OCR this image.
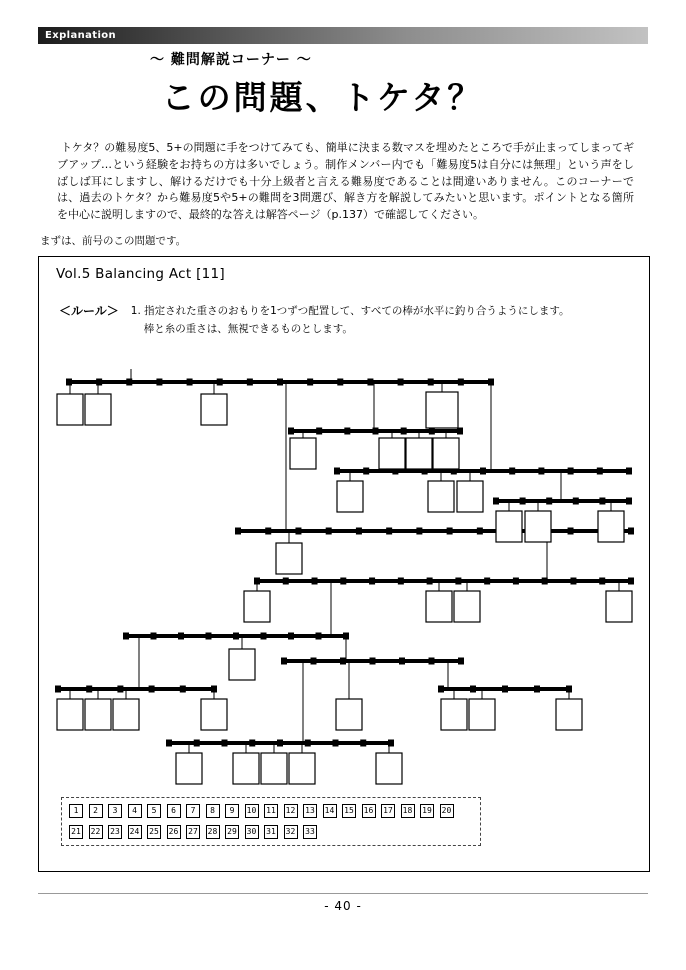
Explanation
〜 難問解説コーナー 〜
この問題、トケタ？
トケタ？の難易度5、5+の問題に手をつけてみても、簡単に決まる数マスを埋めたところで手が止まってしまってギブアップ…という経験をお持ちの方は多いでしょう。制作メンバー内でも「難易度5は自分には無理」という声をしばしば耳にしますし、解けるだけでも十分上級者と言える難易度であることは間違いありません。このコーナーでは、過去のトケタ？から難易度5や5+の難問を3問選び、解き方を解説してみたいと思います。ポイントとなる箇所を中心に説明しますので、最終的な答えは解答ページ（p.137）で確認してください。
まずは、前号のこの問題です。
Vol.5 Balancing Act [11]
＜ルール＞ 1. 指定された重さのおもりを1つずつ配置して、すべての棒が水平に釣り合うようにします。
棒と糸の重さは、無視できるものとします。
1	2	3	4	5	6	7	8	9	10 11 12 13 14 15 16 17 18 19 20
21 22 23 24 25 26 27 28 29 30 31 32 33
- 40 -
